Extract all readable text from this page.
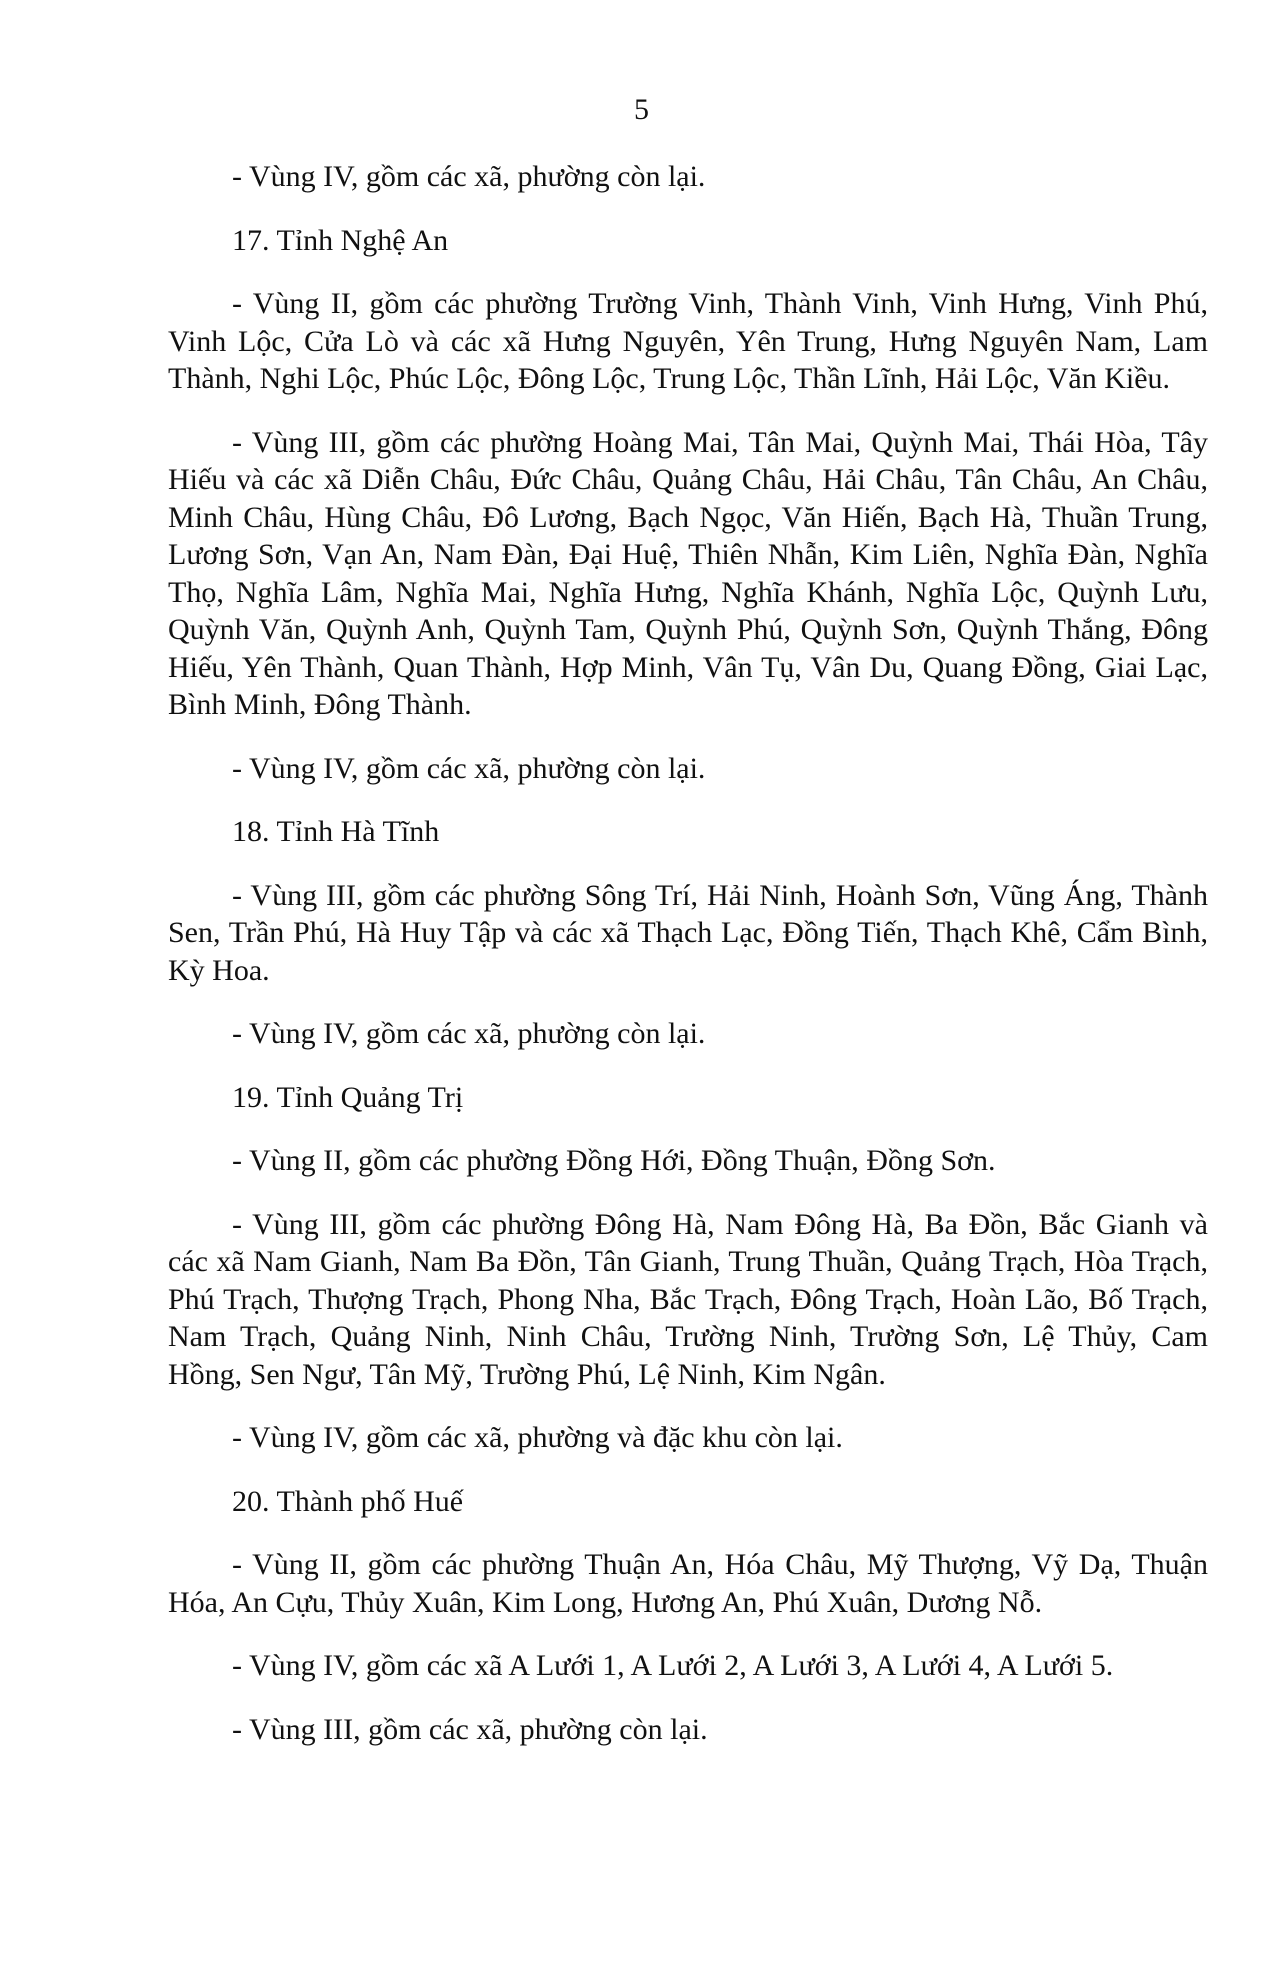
5

- Vùng IV, gồm các xã, phường còn lại.

17. Tỉnh Nghệ An

- Vùng II, gồm các phường Trường Vinh, Thành Vinh, Vinh Hưng, Vinh Phú, Vinh Lộc, Cửa Lò và các xã Hưng Nguyên, Yên Trung, Hưng Nguyên Nam, Lam Thành, Nghi Lộc, Phúc Lộc, Đông Lộc, Trung Lộc, Thần Lĩnh, Hải Lộc, Văn Kiều.

- Vùng III, gồm các phường Hoàng Mai, Tân Mai, Quỳnh Mai, Thái Hòa, Tây Hiếu và các xã Diễn Châu, Đức Châu, Quảng Châu, Hải Châu, Tân Châu, An Châu, Minh Châu, Hùng Châu, Đô Lương, Bạch Ngọc, Văn Hiến, Bạch Hà, Thuần Trung, Lương Sơn, Vạn An, Nam Đàn, Đại Huệ, Thiên Nhẫn, Kim Liên, Nghĩa Đàn, Nghĩa Thọ, Nghĩa Lâm, Nghĩa Mai, Nghĩa Hưng, Nghĩa Khánh, Nghĩa Lộc, Quỳnh Lưu, Quỳnh Văn, Quỳnh Anh, Quỳnh Tam, Quỳnh Phú, Quỳnh Sơn, Quỳnh Thắng, Đông Hiếu, Yên Thành, Quan Thành, Hợp Minh, Vân Tụ, Vân Du, Quang Đồng, Giai Lạc, Bình Minh, Đông Thành.

- Vùng IV, gồm các xã, phường còn lại.

18. Tỉnh Hà Tĩnh

- Vùng III, gồm các phường Sông Trí, Hải Ninh, Hoành Sơn, Vũng Áng, Thành Sen, Trần Phú, Hà Huy Tập và các xã Thạch Lạc, Đồng Tiến, Thạch Khê, Cẩm Bình, Kỳ Hoa.

- Vùng IV, gồm các xã, phường còn lại.

19. Tỉnh Quảng Trị

- Vùng II, gồm các phường Đồng Hới, Đồng Thuận, Đồng Sơn.

- Vùng III, gồm các phường Đông Hà, Nam Đông Hà, Ba Đồn, Bắc Gianh và các xã Nam Gianh, Nam Ba Đồn, Tân Gianh, Trung Thuần, Quảng Trạch, Hòa Trạch, Phú Trạch, Thượng Trạch, Phong Nha, Bắc Trạch, Đông Trạch, Hoàn Lão, Bố Trạch, Nam Trạch, Quảng Ninh, Ninh Châu, Trường Ninh, Trường Sơn, Lệ Thủy, Cam Hồng, Sen Ngư, Tân Mỹ, Trường Phú, Lệ Ninh, Kim Ngân.

- Vùng IV, gồm các xã, phường và đặc khu còn lại.

20. Thành phố Huế

- Vùng II, gồm các phường Thuận An, Hóa Châu, Mỹ Thượng, Vỹ Dạ, Thuận Hóa, An Cựu, Thủy Xuân, Kim Long, Hương An, Phú Xuân, Dương Nỗ.

- Vùng IV, gồm các xã A Lưới 1, A Lưới 2, A Lưới 3, A Lưới 4, A Lưới 5.

- Vùng III, gồm các xã, phường còn lại.
